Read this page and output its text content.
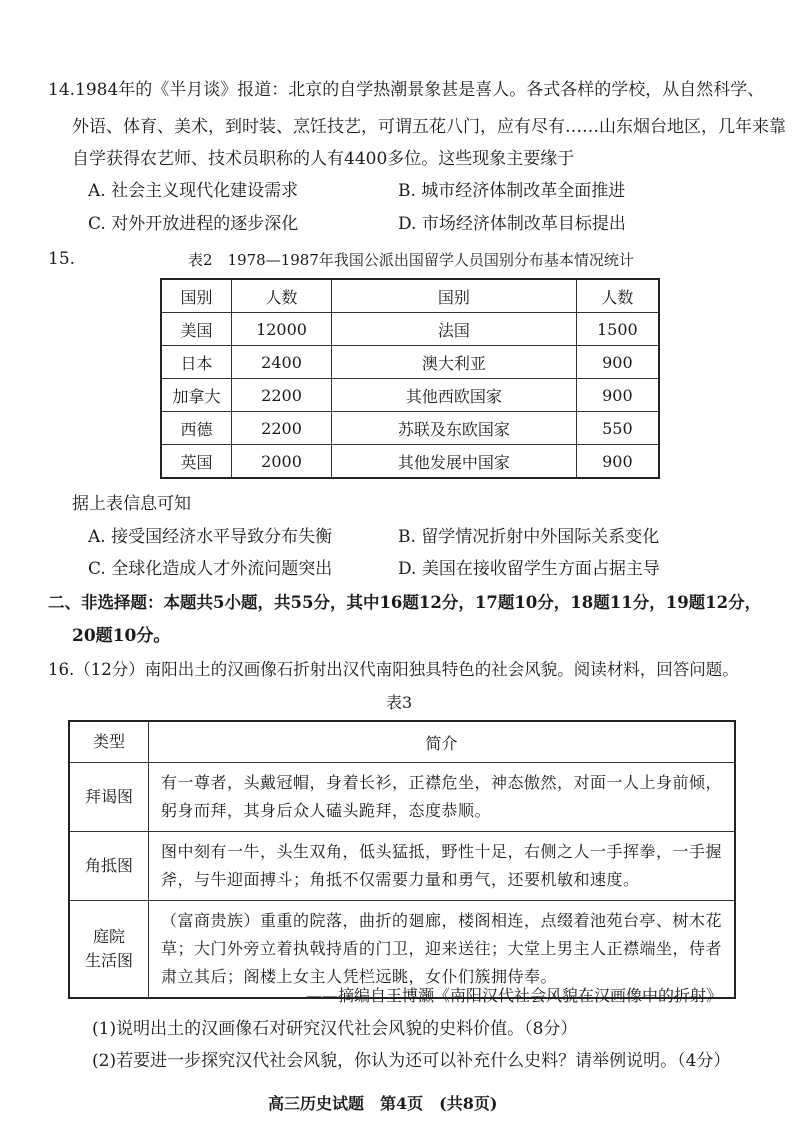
14.1984年的《半月谈》报道：北京的自学热潮景象甚是喜人。各式各样的学校，从自然科学、
外语、体育、美术，到时装、烹饪技艺，可谓五花八门，应有尽有……山东烟台地区，几年来靠
自学获得农艺师、技术员职称的人有4400多位。这些现象主要缘于
A. 社会主义现代化建设需求	B. 城市经济体制改革全面推进
C. 对外开放进程的逐步深化	D. 市场经济体制改革目标提出
15.	表2　1978—1987年我国公派出国留学人员国别分布基本情况统计
国别	人数	国别	人数
美国	12000	法国	1500
日本	2400	澳大利亚	900
加拿大	2200	其他西欧国家	900
西德	2200	苏联及东欧国家	550
英国	2000	其他发展中国家	900
据上表信息可知
A. 接受国经济水平导致分布失衡	B. 留学情况折射中外国际关系变化
C. 全球化造成人才外流问题突出	D. 美国在接收留学生方面占据主导
二、非选择题：本题共5小题，共55分，其中16题12分，17题10分，18题11分，19题12分，
20题10分。
16.（12分）南阳出土的汉画像石折射出汉代南阳独具特色的社会风貌。阅读材料，回答问题。
表3
类型	简介

拜谒图	有一尊者，头戴冠帽，身着长衫，正襟危坐，神态傲然，对面一人上身前倾，躬身而拜，其身后众人磕头跪拜，态度恭顺。

角抵图	图中刻有一牛，头生双角，低头猛抵，野性十足，右侧之人一手挥拳，一手握斧，与牛迎面搏斗；角抵不仅需要力量和勇气，还要机敏和速度。

庭院
生活图	（富商贵族）重重的院落，曲折的廻廊，楼阁相连，点缀着池苑台亭、树木花草；大门外旁立着执戟持盾的门卫，迎来送往；大堂上男主人正襟端坐，侍者肃立其后；阁楼上女主人凭栏远眺，女仆们簇拥侍奉。
——摘编自王博灏《南阳汉代社会风貌在汉画像中的折射》
(1)说明出土的汉画像石对研究汉代社会风貌的史料价值。（8分）
(2)若要进一步探究汉代社会风貌，你认为还可以补充什么史料？请举例说明。（4分）
高三历史试题　第4页　(共8页)
